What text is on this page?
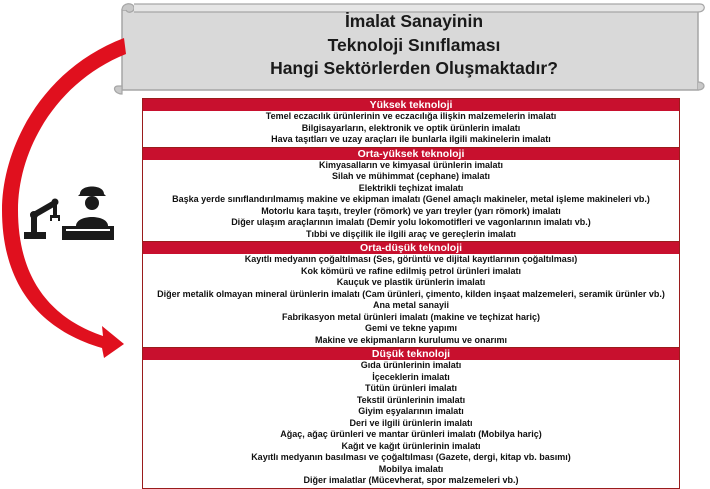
İmalat Sanayinin
Teknoloji Sınıflaması
Hangi Sektörlerden Oluşmaktadır?
Yüksek teknoloji
Temel eczacılık ürünlerinin ve eczacılığa ilişkin malzemelerin imalatı
Bilgisayarların, elektronik ve optik ürünlerin imalatı
Hava taşıtları ve uzay araçları ile bunlarla ilgili makinelerin imalatı
Orta-yüksek teknoloji
Kimyasalların ve kimyasal ürünlerin imalatı
Silah ve mühimmat (cephane) imalatı
Elektrikli teçhizat imalatı
Başka yerde sınıflandırılmamış makine ve ekipman imalatı (Genel amaçlı makineler, metal işleme makineleri vb.)
Motorlu kara taşıtı, treyler (römork) ve yarı treyler (yarı römork) imalatı
Diğer ulaşım araçlarının imalatı (Demir yolu lokomotifleri ve vagonlarının imalatı vb.)
Tıbbi ve dişçilik ile ilgili araç ve gereçlerin imalatı
Orta-düşük teknoloji
Kayıtlı medyanın çoğaltılması (Ses, görüntü ve dijital kayıtlarının çoğaltılması)
Kok kömürü ve rafine edilmiş petrol ürünleri imalatı
Kauçuk ve plastik ürünlerin imalatı
Diğer metalik olmayan mineral ürünlerin imalatı (Cam ürünleri, çimento, kilden inşaat malzemeleri, seramik ürünler vb.)
Ana metal sanayii
Fabrikasyon metal ürünleri imalatı (makine ve teçhizat hariç)
Gemi ve tekne yapımı
Makine ve ekipmanların kurulumu ve onarımı
Düşük teknoloji
Gıda ürünlerinin imalatı
İçeceklerin imalatı
Tütün ürünleri imalatı
Tekstil ürünlerinin imalatı
Giyim eşyalarının imalatı
Deri ve ilgili ürünlerin imalatı
Ağaç, ağaç ürünleri ve mantar ürünleri imalatı (Mobilya hariç)
Kağıt ve kağıt ürünlerinin imalatı
Kayıtlı medyanın basılması ve çoğaltılması (Gazete, dergi, kitap vb. basımı)
Mobilya imalatı
Diğer imalatlar (Mücevherat, spor malzemeleri vb.)
